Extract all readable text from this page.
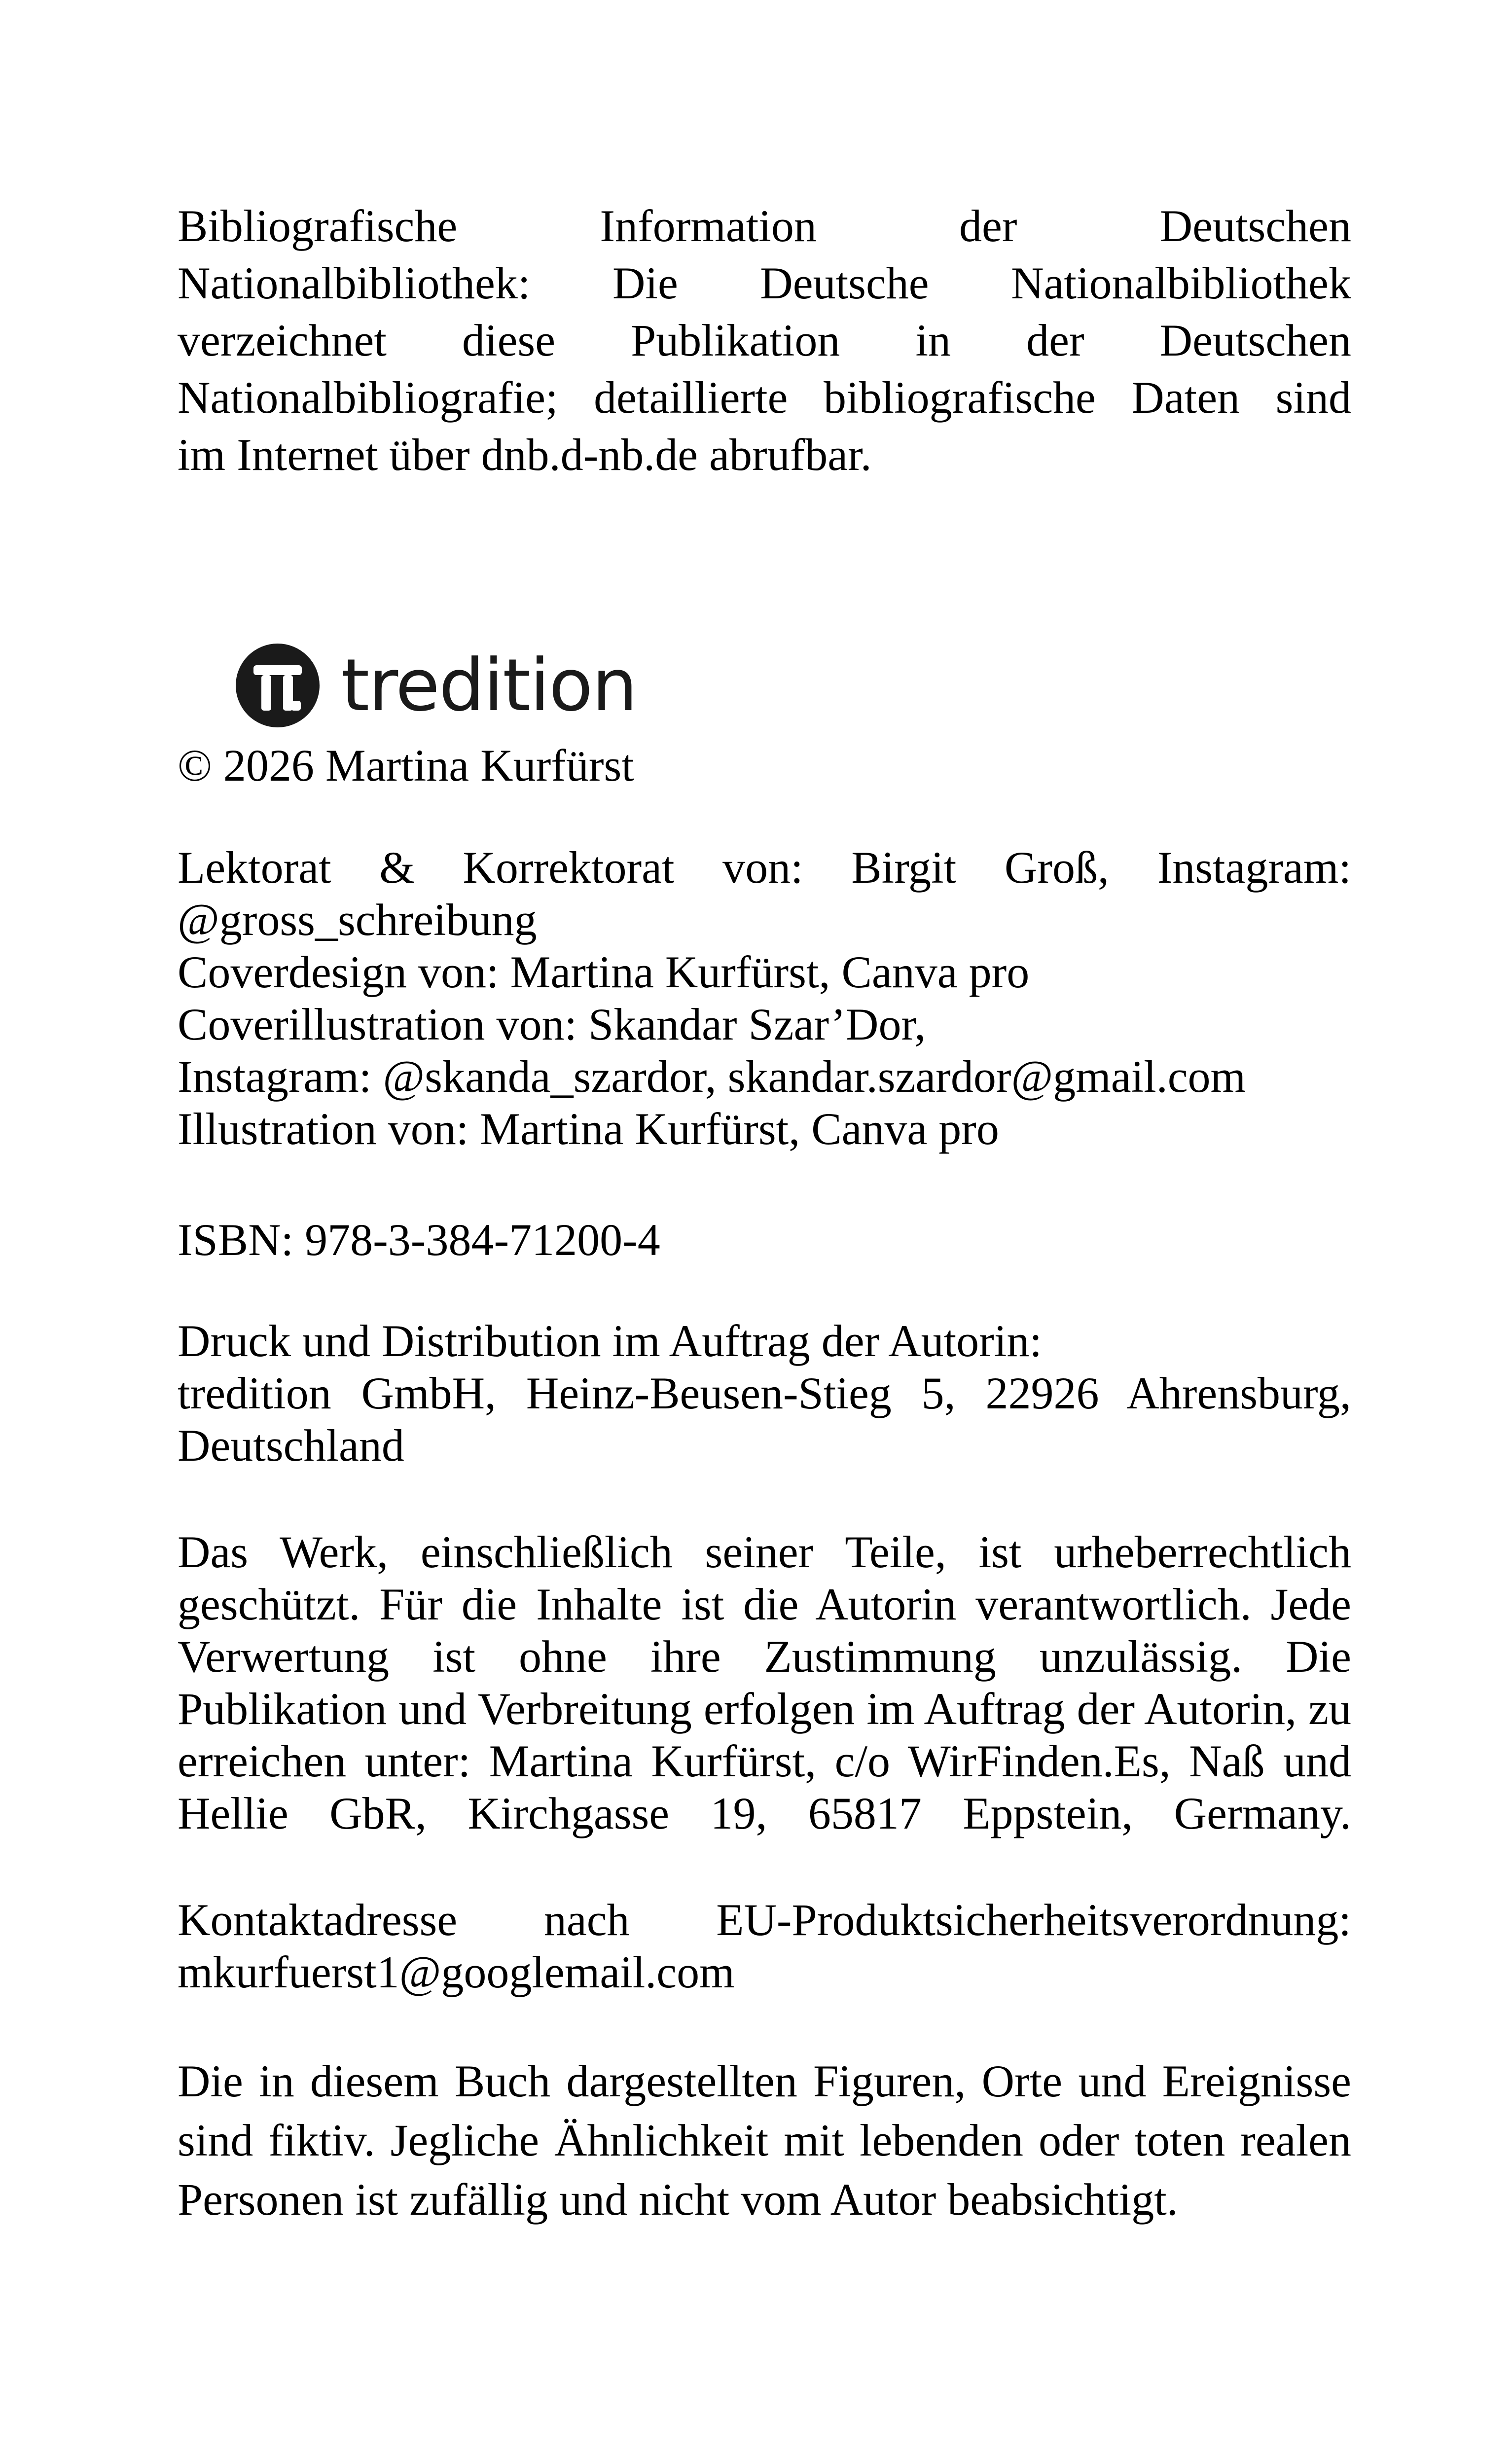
Bibliografische Information der Deutschen
Nationalbibliothek: Die Deutsche Nationalbibliothek
verzeichnet diese Publikation in der Deutschen
Nationalbibliografie; detaillierte bibliografische Daten sind
im Internet über dnb.d-nb.de abrufbar.

tredition

© 2026 Martina Kurfürst

Lektorat & Korrektorat von: Birgit Groß, Instagram:
@gross_schreibung
Coverdesign von: Martina Kurfürst, Canva pro
Coverillustration von: Skandar Szar’Dor,
Instagram: @skanda_szardor, skandar.szardor@gmail.com
Illustration von: Martina Kurfürst, Canva pro

ISBN: 978-3-384-71200-4

Druck und Distribution im Auftrag der Autorin:
tredition GmbH, Heinz-Beusen-Stieg 5, 22926 Ahrensburg,
Deutschland

Das Werk, einschließlich seiner Teile, ist urheberrechtlich
geschützt. Für die Inhalte ist die Autorin verantwortlich. Jede
Verwertung ist ohne ihre Zustimmung unzulässig. Die
Publikation und Verbreitung erfolgen im Auftrag der Autorin, zu
erreichen unter: Martina Kurfürst, c/o WirFinden.Es, Naß und
Hellie GbR, Kirchgasse 19, 65817 Eppstein, Germany.

Kontaktadresse nach EU-Produktsicherheitsverordnung:
mkurfuerst1@googlemail.com

Die in diesem Buch dargestellten Figuren, Orte und Ereignisse
sind fiktiv. Jegliche Ähnlichkeit mit lebenden oder toten realen
Personen ist zufällig und nicht vom Autor beabsichtigt.
